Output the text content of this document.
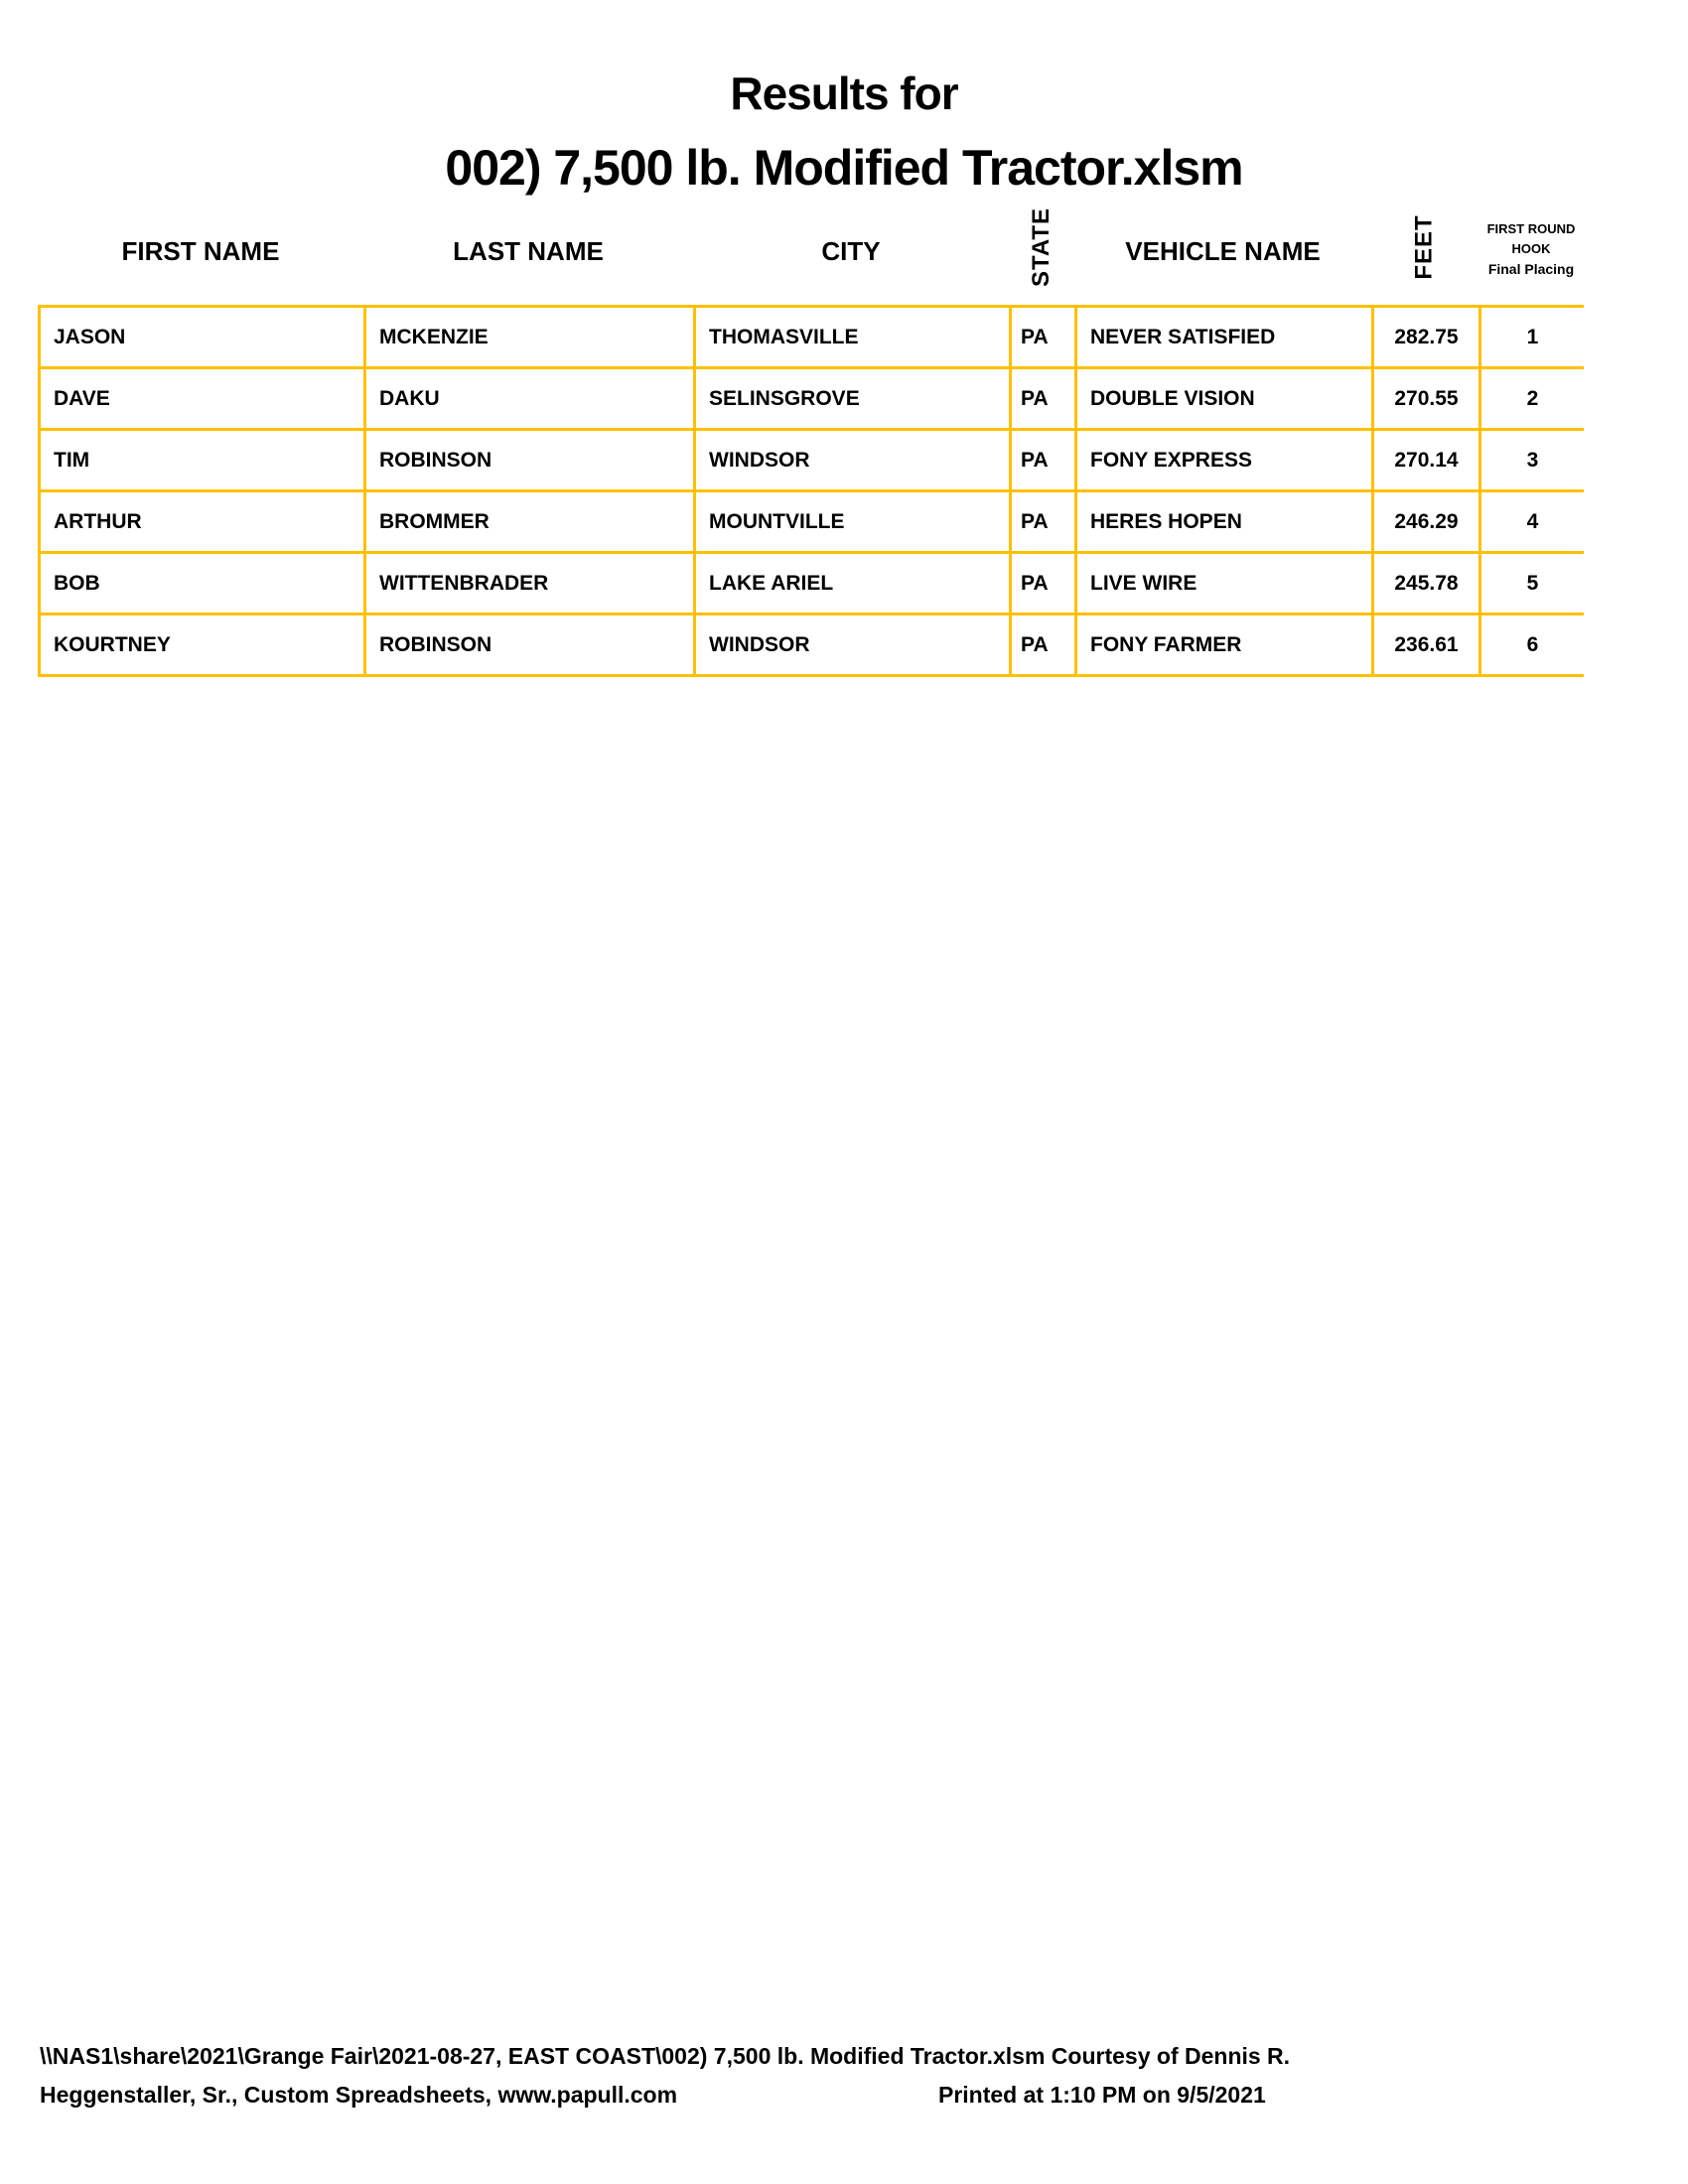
Results for
002) 7,500 lb. Modified Tractor.xlsm
FIRST NAME	LAST NAME	CITY	STATE	VEHICLE NAME	FEET	FIRST ROUND
HOOK
Final Placing
JASON	MCKENZIE	THOMASVILLE	PA	NEVER SATISFIED	282.75	1
DAVE	DAKU	SELINSGROVE	PA	DOUBLE VISION	270.55	2
TIM	ROBINSON	WINDSOR	PA	FONY EXPRESS	270.14	3
ARTHUR	BROMMER	MOUNTVILLE	PA	HERES HOPEN	246.29	4
BOB	WITTENBRADER	LAKE ARIEL	PA	LIVE WIRE	245.78	5
KOURTNEY	ROBINSON	WINDSOR	PA	FONY FARMER	236.61	6
\\NAS1\share\2021\Grange Fair\2021-08-27, EAST COAST\002) 7,500 lb. Modified Tractor.xlsm Courtesy of Dennis R.
Heggenstaller, Sr., Custom Spreadsheets, www.papull.com	Printed at 1:10 PM on 9/5/2021
